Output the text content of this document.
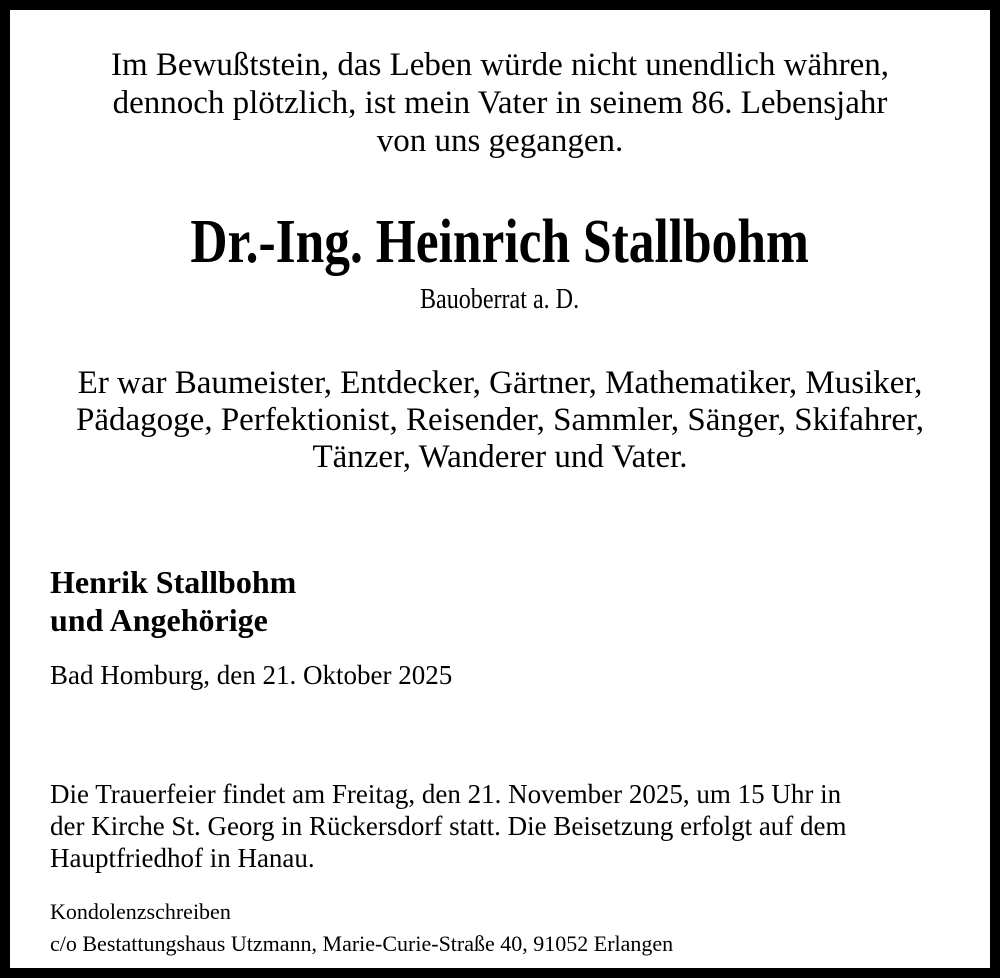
Im Bewußtstein, das Leben würde nicht unendlich währen,
dennoch plötzlich, ist mein Vater in seinem 86. Lebensjahr
von uns gegangen.
Dr.-Ing. Heinrich Stallbohm
Bauoberrat a. D.
Er war Baumeister, Entdecker, Gärtner, Mathematiker, Musiker,
Pädagoge, Perfektionist, Reisender, Sammler, Sänger, Skifahrer,
Tänzer, Wanderer und Vater.
Henrik Stallbohm
und Angehörige
Bad Homburg, den 21. Oktober 2025
Die Trauerfeier findet am Freitag, den 21. November 2025, um 15 Uhr in
der Kirche St. Georg in Rückersdorf statt. Die Beisetzung erfolgt auf dem
Hauptfriedhof in Hanau.
Kondolenzschreiben
c/o Bestattungshaus Utzmann, Marie-Curie-Straße 40, 91052 Erlangen
